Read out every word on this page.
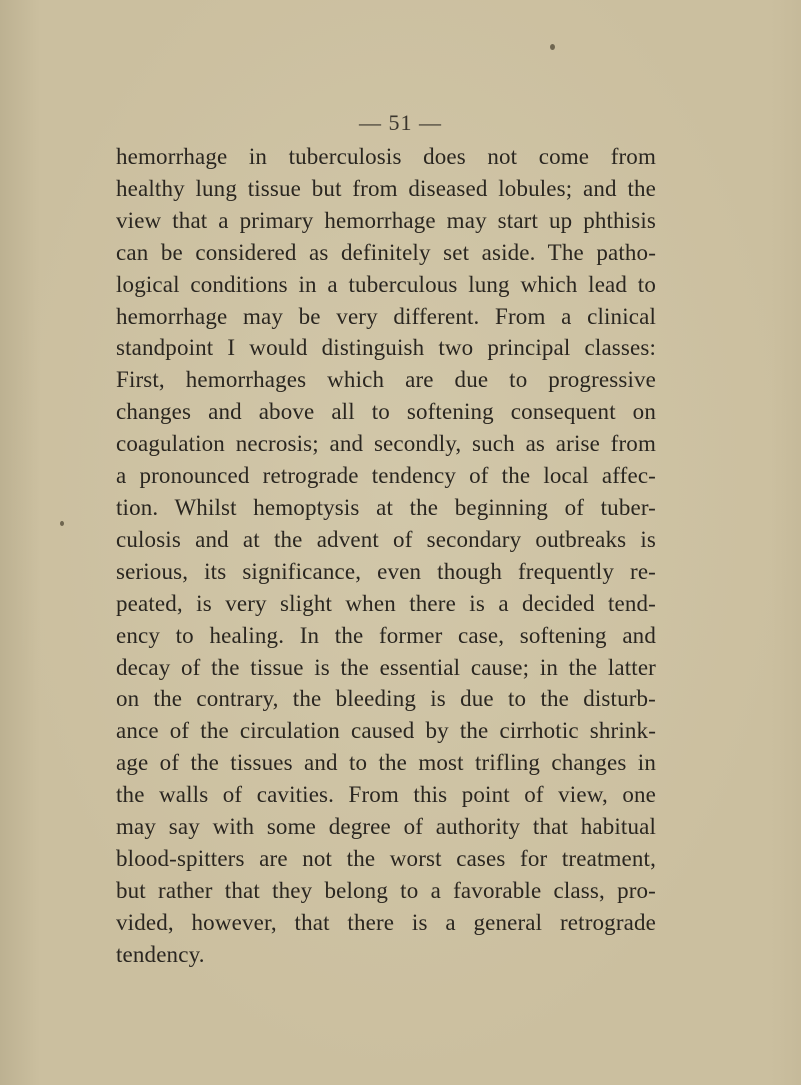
— 51 —
hemorrhage in tuberculosis does not come from
healthy lung tissue but from diseased lobules; and the
view that a primary hemorrhage may start up phthisis
can be considered as definitely set aside. The patho-
logical conditions in a tuberculous lung which lead to
hemorrhage may be very different. From a clinical
standpoint I would distinguish two principal classes:
First, hemorrhages which are due to progressive
changes and above all to softening consequent on
coagulation necrosis; and secondly, such as arise from
a pronounced retrograde tendency of the local affec-
tion. Whilst hemoptysis at the beginning of tuber-
culosis and at the advent of secondary outbreaks is
serious, its significance, even though frequently re-
peated, is very slight when there is a decided tend-
ency to healing. In the former case, softening and
decay of the tissue is the essential cause; in the latter
on the contrary, the bleeding is due to the disturb-
ance of the circulation caused by the cirrhotic shrink-
age of the tissues and to the most trifling changes in
the walls of cavities. From this point of view, one
may say with some degree of authority that habitual
blood-spitters are not the worst cases for treatment,
but rather that they belong to a favorable class, pro-
vided, however, that there is a general retrograde
tendency.
